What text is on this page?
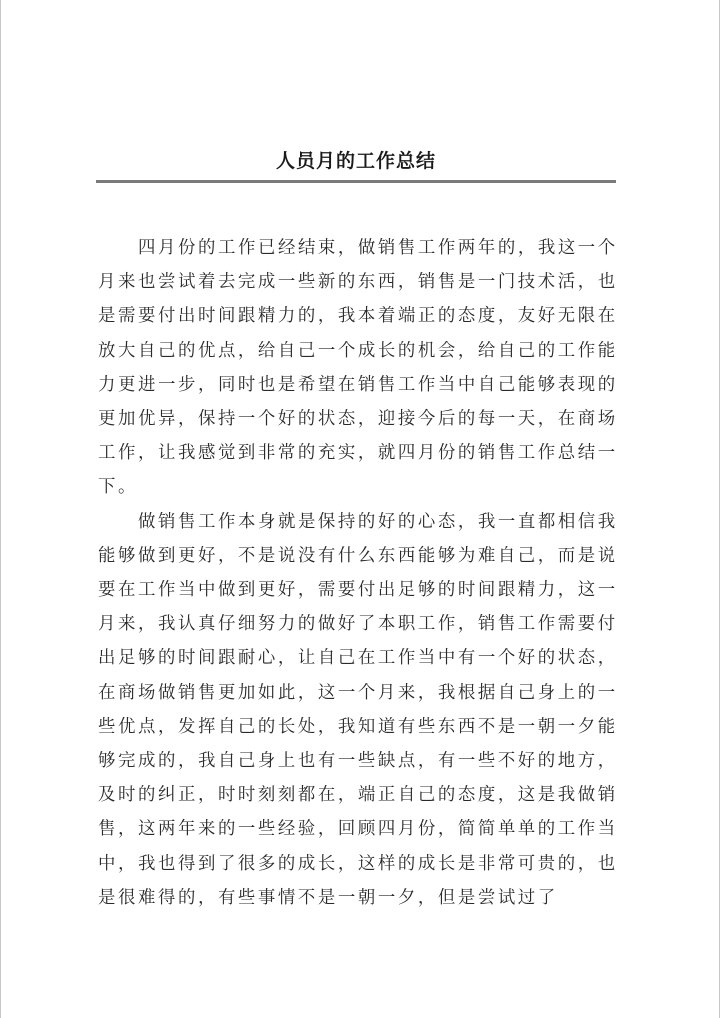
人员月的工作总结

四月份的工作已经结束，做销售工作两年的，我这一个月来也尝试着去完成一些新的东西，销售是一门技术活，也是需要付出时间跟精力的，我本着端正的态度，友好无限在放大自己的优点，给自己一个成长的机会，给自己的工作能力更进一步，同时也是希望在销售工作当中自己能够表现的更加优异，保持一个好的状态，迎接今后的每一天，在商场工作，让我感觉到非常的充实，就四月份的销售工作总结一下。

做销售工作本身就是保持的好的心态，我一直都相信我能够做到更好，不是说没有什么东西能够为难自己，而是说要在工作当中做到更好，需要付出足够的时间跟精力，这一月来，我认真仔细努力的做好了本职工作，销售工作需要付出足够的时间跟耐心，让自己在工作当中有一个好的状态，在商场做销售更加如此，这一个月来，我根据自己身上的一些优点，发挥自己的长处，我知道有些东西不是一朝一夕能够完成的，我自己身上也有一些缺点，有一些不好的地方，及时的纠正，时时刻刻都在，端正自己的态度，这是我做销售，这两年来的一些经验，回顾四月份，简简单单的工作当中，我也得到了很多的成长，这样的成长是非常可贵的，也是很难得的，有些事情不是一朝一夕，但是尝试过了
